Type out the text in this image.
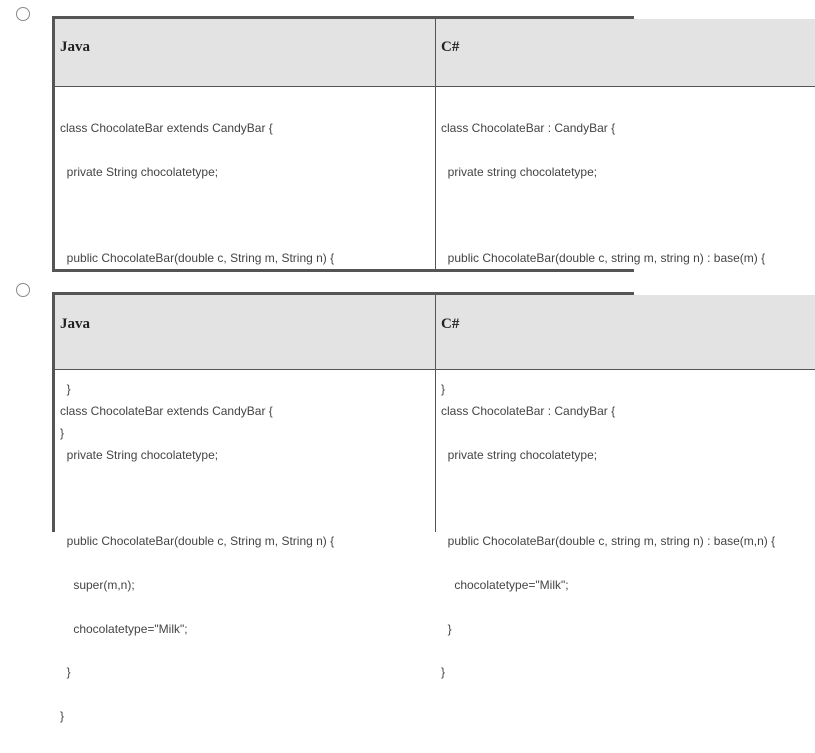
Java	C#

class ChocolateBar extends CandyBar {

private String chocolatetype;

public ChocolateBar(double c, String m, String n) {

}

}

class ChocolateBar : CandyBar {

private string chocolatetype;

public ChocolateBar(double c, string m, string n) : base(m) {

}

Java	C#

class ChocolateBar extends CandyBar {

private String chocolatetype;

public ChocolateBar(double c, String m, String n) {

super(m,n);

chocolatetype="Milk";

}

}

class ChocolateBar : CandyBar {

private string chocolatetype;

public ChocolateBar(double c, string m, string n) : base(m,n) {

chocolatetype="Milk";

}

}
